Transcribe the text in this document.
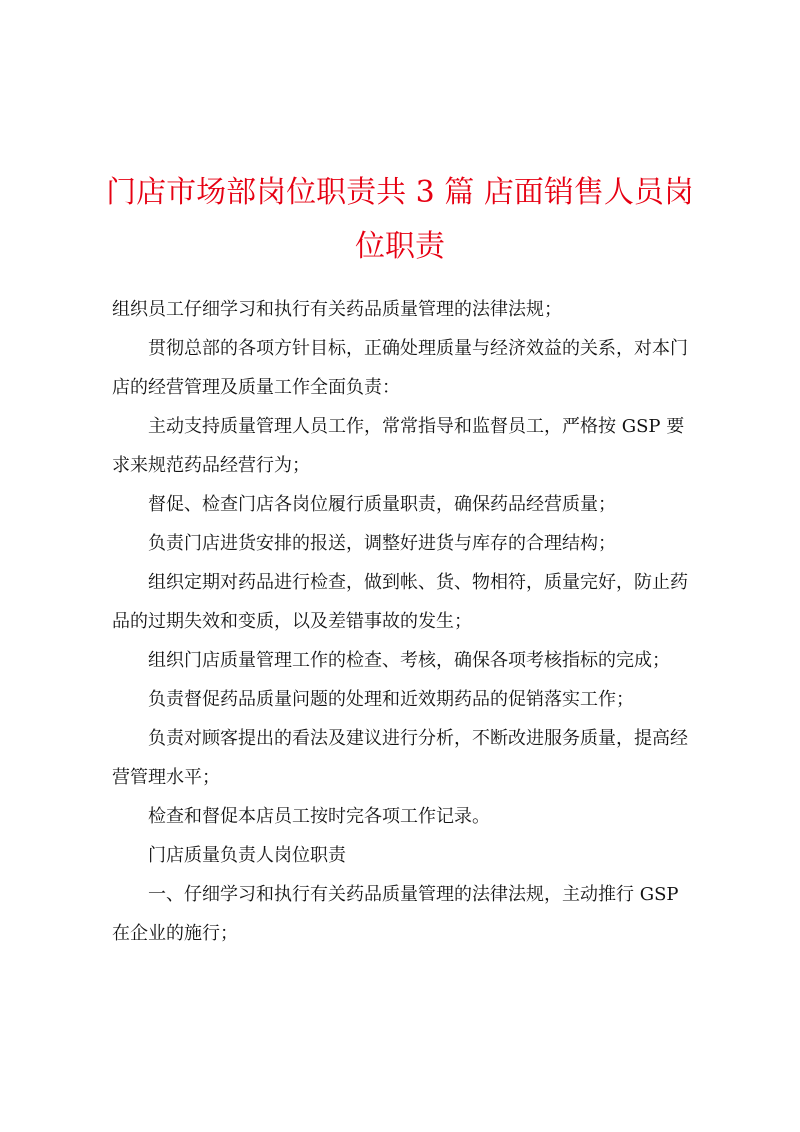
门店市场部岗位职责共 3 篇 店面销售人员岗
位职责

组织员工仔细学习和执行有关药品质量管理的法律法规；

贯彻总部的各项方针目标，正确处理质量与经济效益的关系，对本门店的经营管理及质量工作全面负责：

主动支持质量管理人员工作，常常指导和监督员工，严格按 GSP 要求来规范药品经营行为；

督促、检查门店各岗位履行质量职责，确保药品经营质量；

负责门店进货安排的报送，调整好进货与库存的合理结构；

组织定期对药品进行检查，做到帐、货、物相符，质量完好，防止药品的过期失效和变质，以及差错事故的发生；

组织门店质量管理工作的检查、考核，确保各项考核指标的完成；

负责督促药品质量问题的处理和近效期药品的促销落实工作；

负责对顾客提出的看法及建议进行分析，不断改进服务质量，提高经营管理水平；

检查和督促本店员工按时完各项工作记录。

门店质量负责人岗位职责

一、仔细学习和执行有关药品质量管理的法律法规，主动推行 GSP 在企业的施行；
